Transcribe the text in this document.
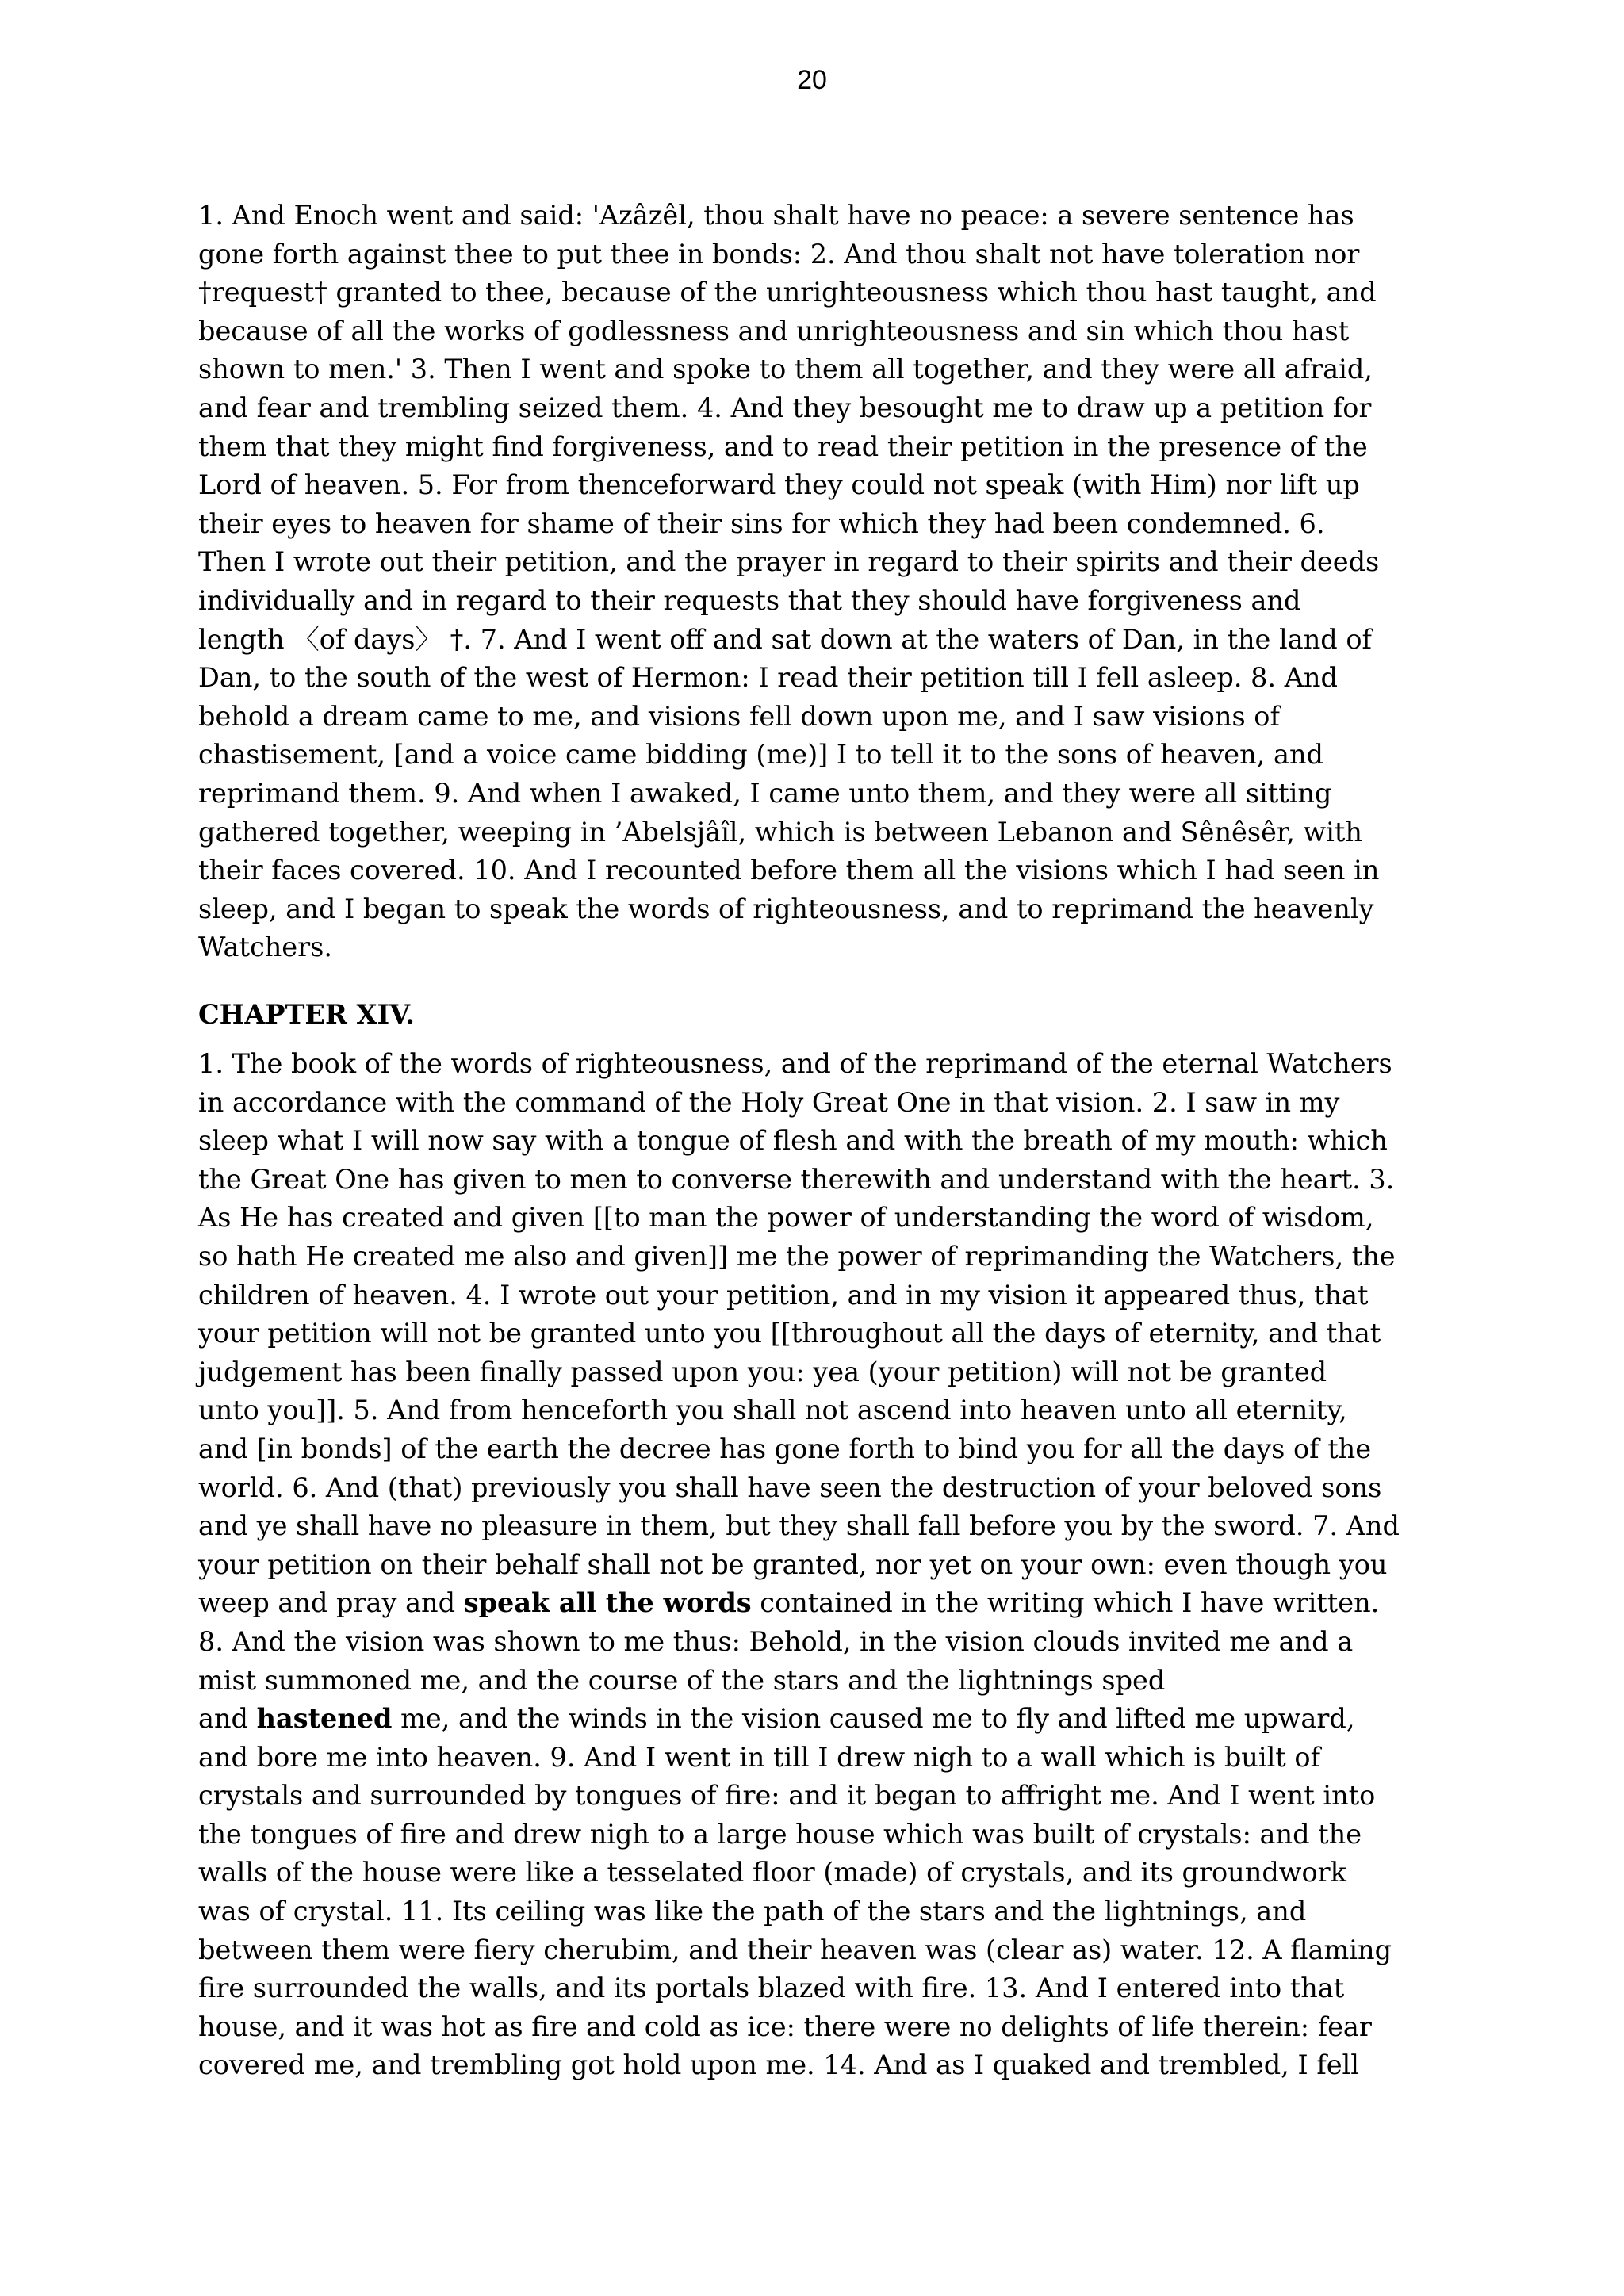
20
1. And Enoch went and said: 'Azâzêl, thou shalt have no peace: a severe sentence has
gone forth against thee to put thee in bonds: 2. And thou shalt not have toleration nor
†request† granted to thee, because of the unrighteousness which thou hast taught, and
because of all the works of godlessness and unrighteousness and sin which thou hast
shown to men.' 3. Then I went and spoke to them all together, and they were all afraid,
and fear and trembling seized them. 4. And they besought me to draw up a petition for
them that they might find forgiveness, and to read their petition in the presence of the
Lord of heaven. 5. For from thenceforward they could not speak (with Him) nor lift up
their eyes to heaven for shame of their sins for which they had been condemned. 6.
Then I wrote out their petition, and the prayer in regard to their spirits and their deeds
individually and in regard to their requests that they should have forgiveness and
length 〈of days〉 †. 7. And I went off and sat down at the waters of Dan, in the land of
Dan, to the south of the west of Hermon: I read their petition till I fell asleep. 8. And
behold a dream came to me, and visions fell down upon me, and I saw visions of
chastisement, [and a voice came bidding (me)] I to tell it to the sons of heaven, and
reprimand them. 9. And when I awaked, I came unto them, and they were all sitting
gathered together, weeping in ’Abelsjâîl, which is between Lebanon and Sênêsêr, with
their faces covered. 10. And I recounted before them all the visions which I had seen in
sleep, and I began to speak the words of righteousness, and to reprimand the heavenly
Watchers.
CHAPTER XIV.
1. The book of the words of righteousness, and of the reprimand of the eternal Watchers
in accordance with the command of the Holy Great One in that vision. 2. I saw in my
sleep what I will now say with a tongue of flesh and with the breath of my mouth: which
the Great One has given to men to converse therewith and understand with the heart. 3.
As He has created and given [[to man the power of understanding the word of wisdom,
so hath He created me also and given]] me the power of reprimanding the Watchers, the
children of heaven. 4. I wrote out your petition, and in my vision it appeared thus, that
your petition will not be granted unto you [[throughout all the days of eternity, and that
judgement has been finally passed upon you: yea (your petition) will not be granted
unto you]]. 5. And from henceforth you shall not ascend into heaven unto all eternity,
and [in bonds] of the earth the decree has gone forth to bind you for all the days of the
world. 6. And (that) previously you shall have seen the destruction of your beloved sons
and ye shall have no pleasure in them, but they shall fall before you by the sword. 7. And
your petition on their behalf shall not be granted, nor yet on your own: even though you
weep and pray and speak all the words contained in the writing which I have written.
8. And the vision was shown to me thus: Behold, in the vision clouds invited me and a
mist summoned me, and the course of the stars and the lightnings sped
and hastened me, and the winds in the vision caused me to fly and lifted me upward,
and bore me into heaven. 9. And I went in till I drew nigh to a wall which is built of
crystals and surrounded by tongues of fire: and it began to affright me. And I went into
the tongues of fire and drew nigh to a large house which was built of crystals: and the
walls of the house were like a tesselated floor (made) of crystals, and its groundwork
was of crystal. 11. Its ceiling was like the path of the stars and the lightnings, and
between them were fiery cherubim, and their heaven was (clear as) water. 12. A flaming
fire surrounded the walls, and its portals blazed with fire. 13. And I entered into that
house, and it was hot as fire and cold as ice: there were no delights of life therein: fear
covered me, and trembling got hold upon me. 14. And as I quaked and trembled, I fell
